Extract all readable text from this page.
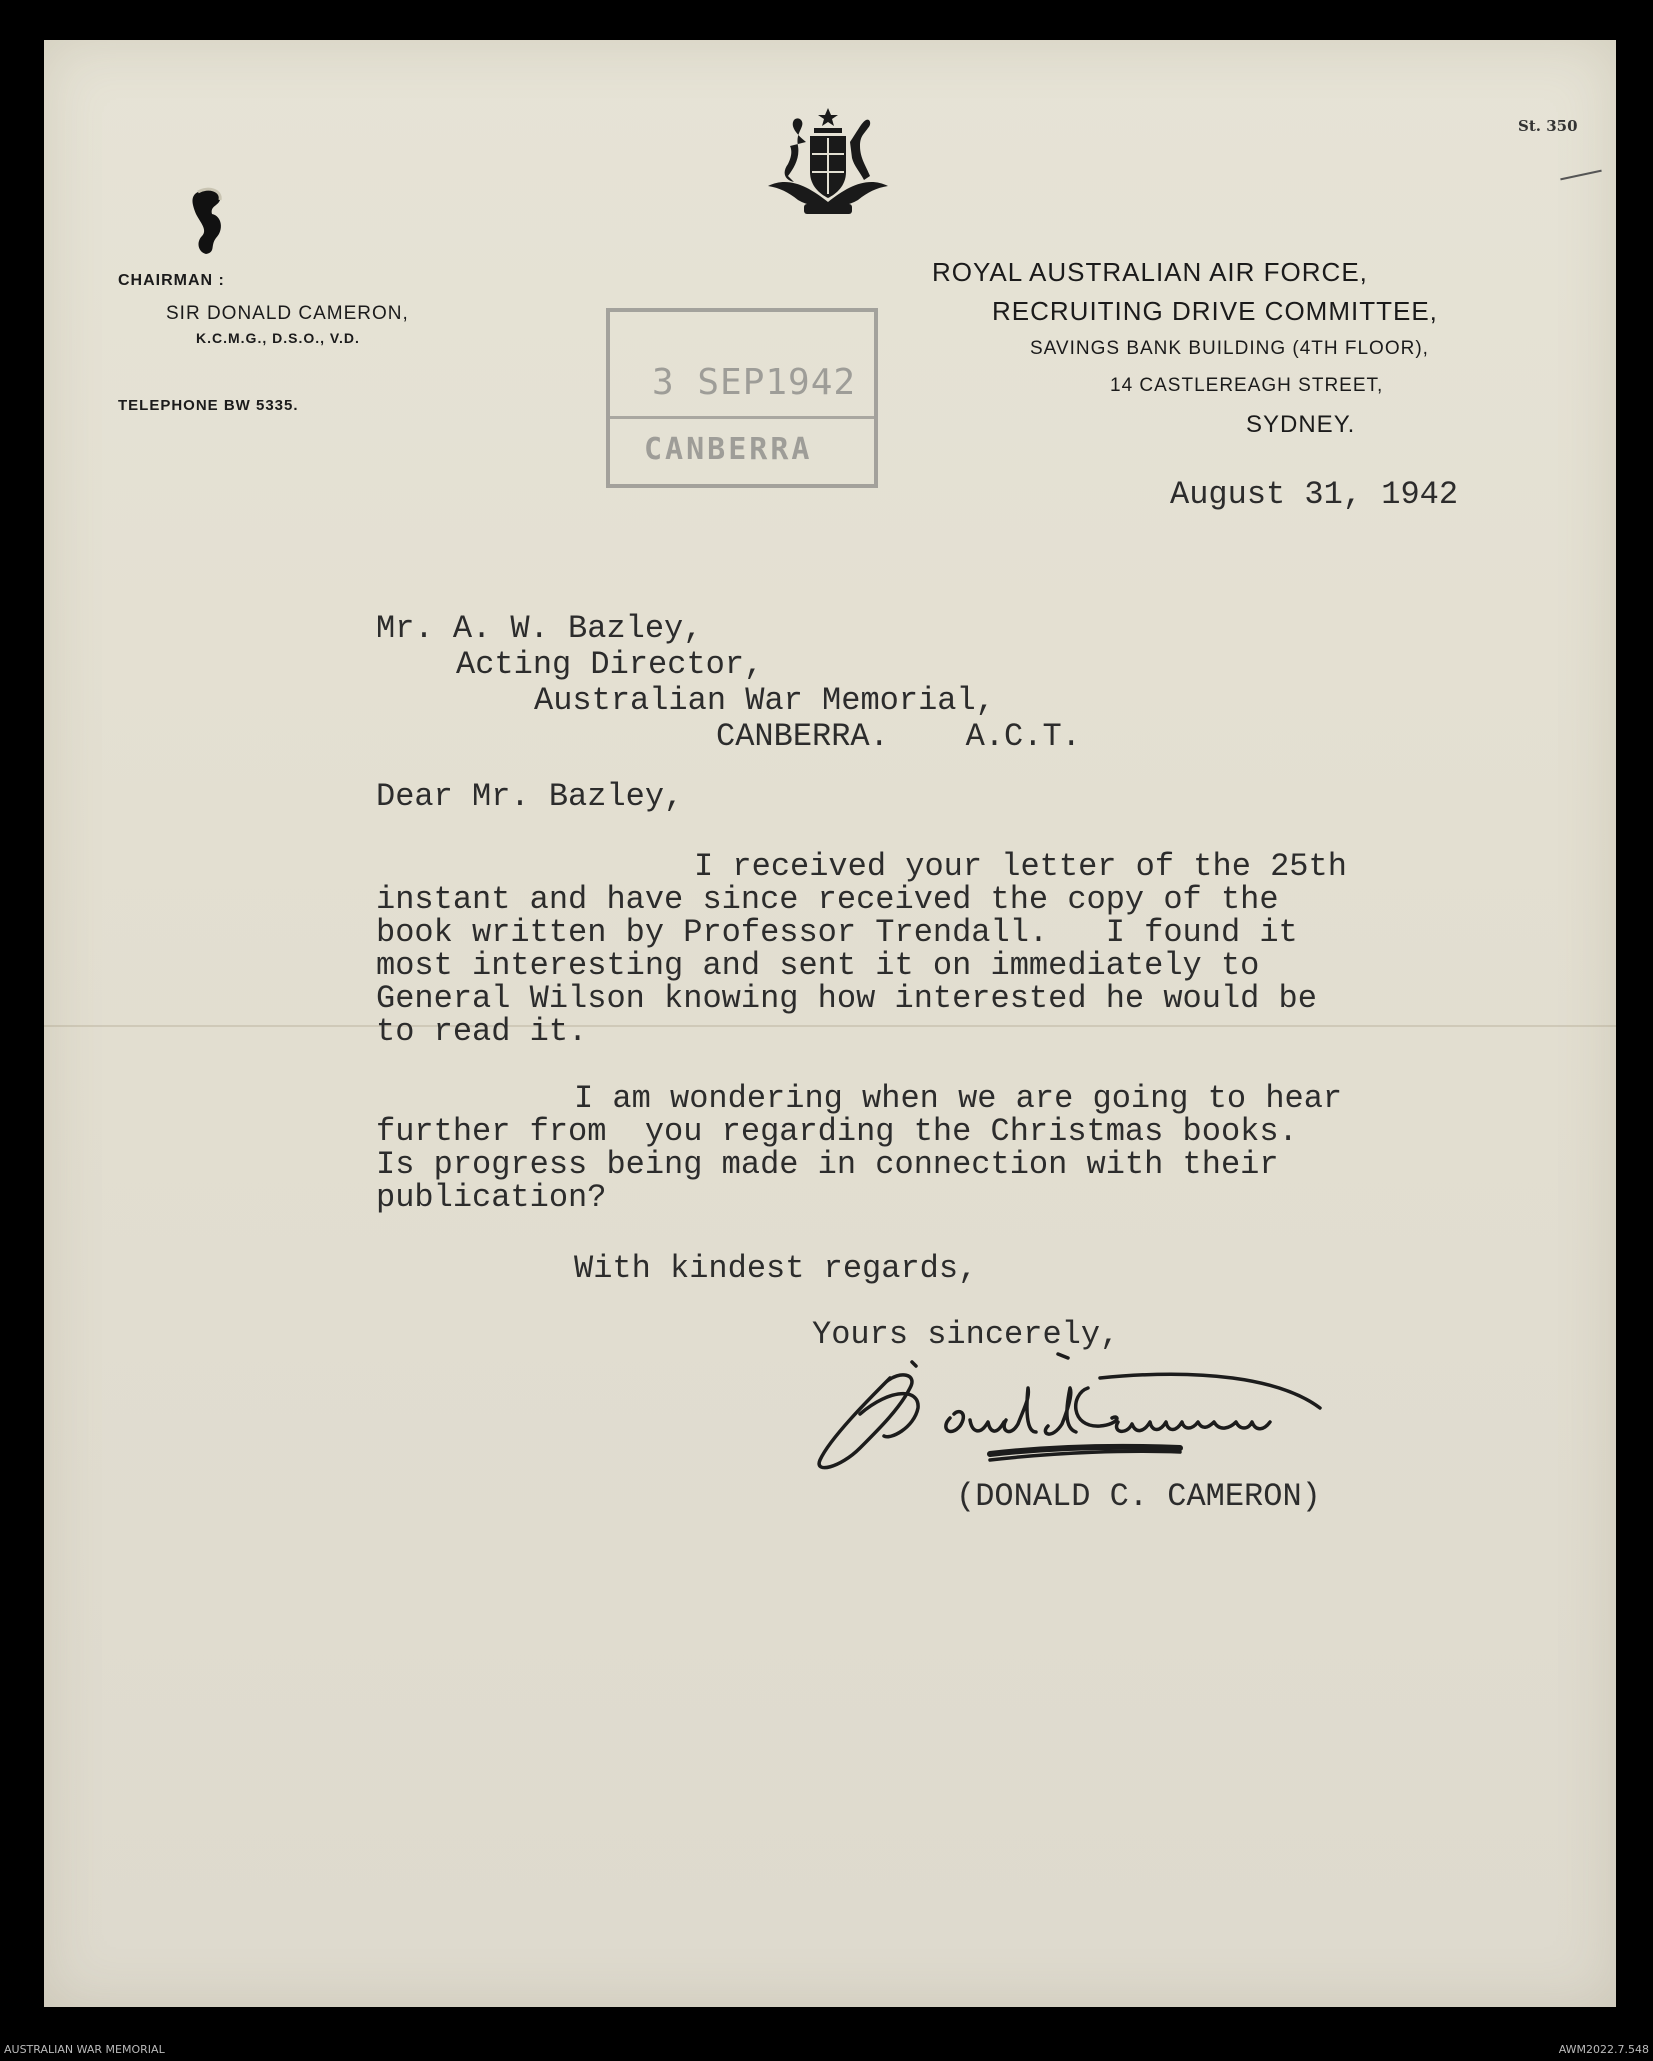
St. 350
CHAIRMAN :
SIR DONALD CAMERON,
K.C.M.G., D.S.O., V.D.
TELEPHONE BW 5335.
ROYAL AUSTRALIAN AIR FORCE,
RECRUITING DRIVE COMMITTEE,
SAVINGS BANK BUILDING (4TH FLOOR),
14 CASTLEREAGH STREET,
SYDNEY.
3 SEP1942
CANBERRA
August 31, 1942
Mr. A. W. Bazley,
Acting Director,
Australian War Memorial,
CANBERRA.    A.C.T.
Dear Mr. Bazley,
I received your letter of the 25th
instant and have since received the copy of the
book written by Professor Trendall.   I found it
most interesting and sent it on immediately to
General Wilson knowing how interested he would be
to read it.
I am wondering when we are going to hear
further from  you regarding the Christmas books.
Is progress being made in connection with their
publication?
With kindest regards,
Yours sincerely,
(DONALD C. CAMERON)
AUSTRALIAN WAR MEMORIAL	AWM2022.7.548
